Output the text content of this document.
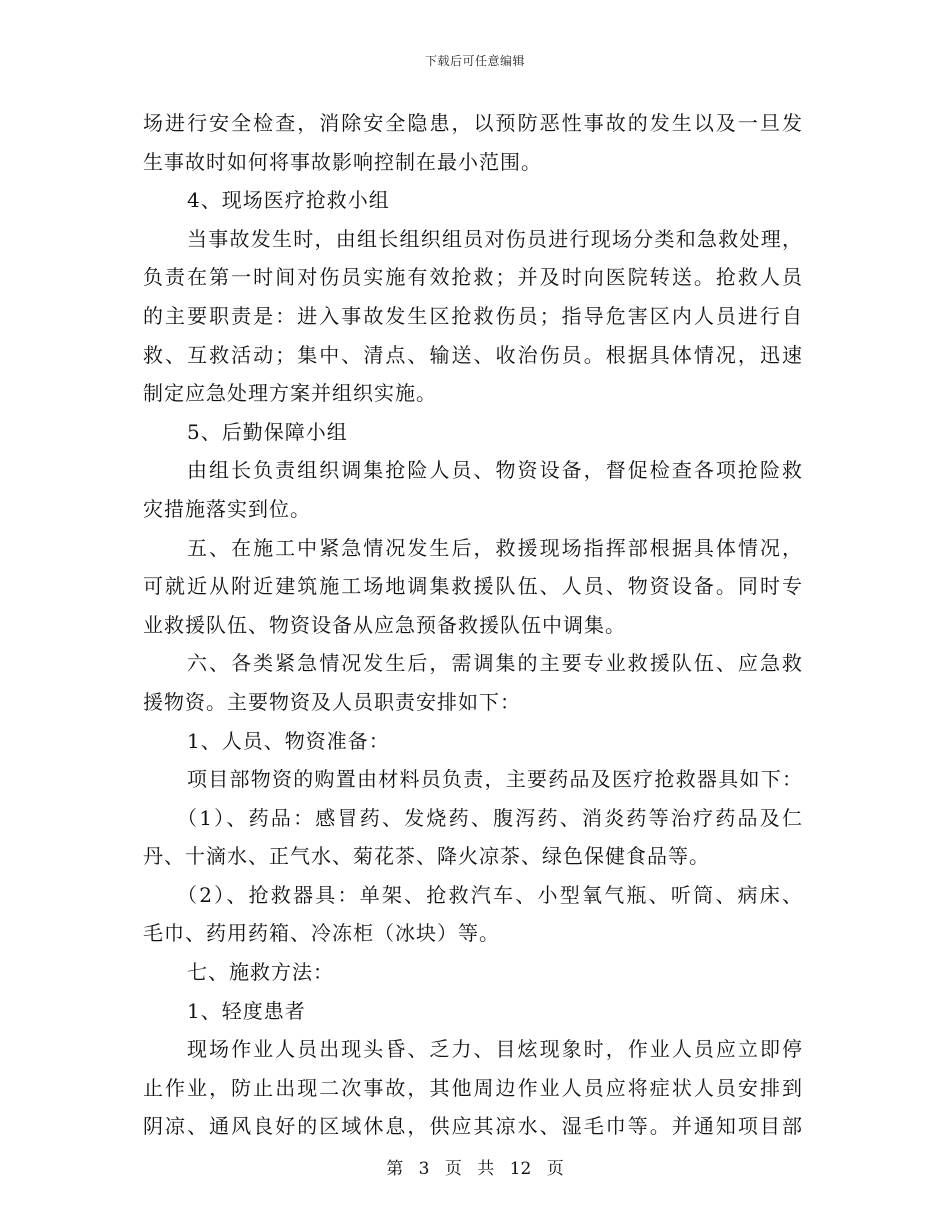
下载后可任意编辑
场进行安全检查，消除安全隐患，以预防恶性事故的发生以及一旦发
生事故时如何将事故影响控制在最小范围。
4、现场医疗抢救小组
当事故发生时，由组长组织组员对伤员进行现场分类和急救处理，
负责在第一时间对伤员实施有效抢救；并及时向医院转送。抢救人员
的主要职责是：进入事故发生区抢救伤员；指导危害区内人员进行自
救、互救活动；集中、清点、输送、收治伤员。根据具体情况，迅速
制定应急处理方案并组织实施。
5、后勤保障小组
由组长负责组织调集抢险人员、物资设备，督促检查各项抢险救
灾措施落实到位。
五、在施工中紧急情况发生后，救援现场指挥部根据具体情况，
可就近从附近建筑施工场地调集救援队伍、人员、物资设备。同时专
业救援队伍、物资设备从应急预备救援队伍中调集。
六、各类紧急情况发生后，需调集的主要专业救援队伍、应急救
援物资。主要物资及人员职责安排如下：
1、人员、物资准备：
项目部物资的购置由材料员负责，主要药品及医疗抢救器具如下：
（1）、药品：感冒药、发烧药、腹泻药、消炎药等治疗药品及仁
丹、十滴水、正气水、菊花茶、降火凉茶、绿色保健食品等。
（2）、抢救器具：单架、抢救汽车、小型氧气瓶、听筒、病床、
毛巾、药用药箱、冷冻柜（冰块）等。
七、施救方法：
1、轻度患者
现场作业人员出现头昏、乏力、目炫现象时，作业人员应立即停
止作业，防止出现二次事故，其他周边作业人员应将症状人员安排到
阴凉、通风良好的区域休息，供应其凉水、湿毛巾等。并通知项目部
第 3 页 共 12 页
